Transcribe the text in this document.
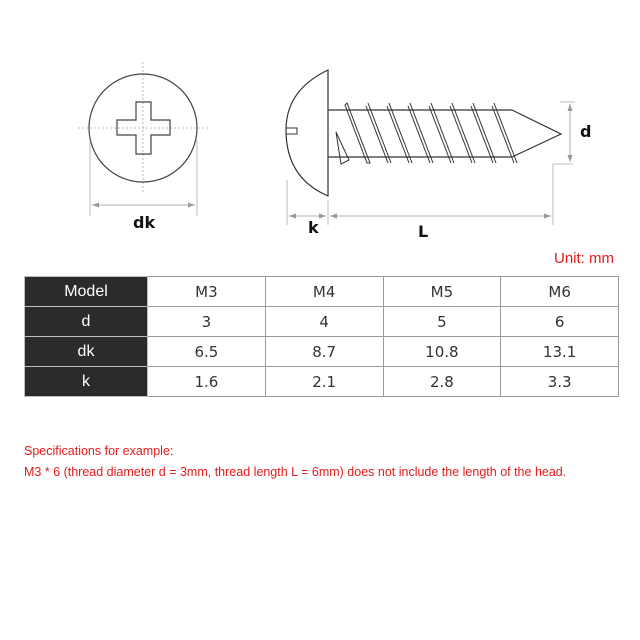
dk	k	L
d
Unit: mm
Model	M3	M4	M5	M6
d	3	4	5	6
dk	6.5	8.7	10.8	13.1
k	1.6	2.1	2.8	3.3
Specifications for example:
M3 * 6 (thread diameter d = 3mm, thread length L = 6mm) does not include the length of the head.
